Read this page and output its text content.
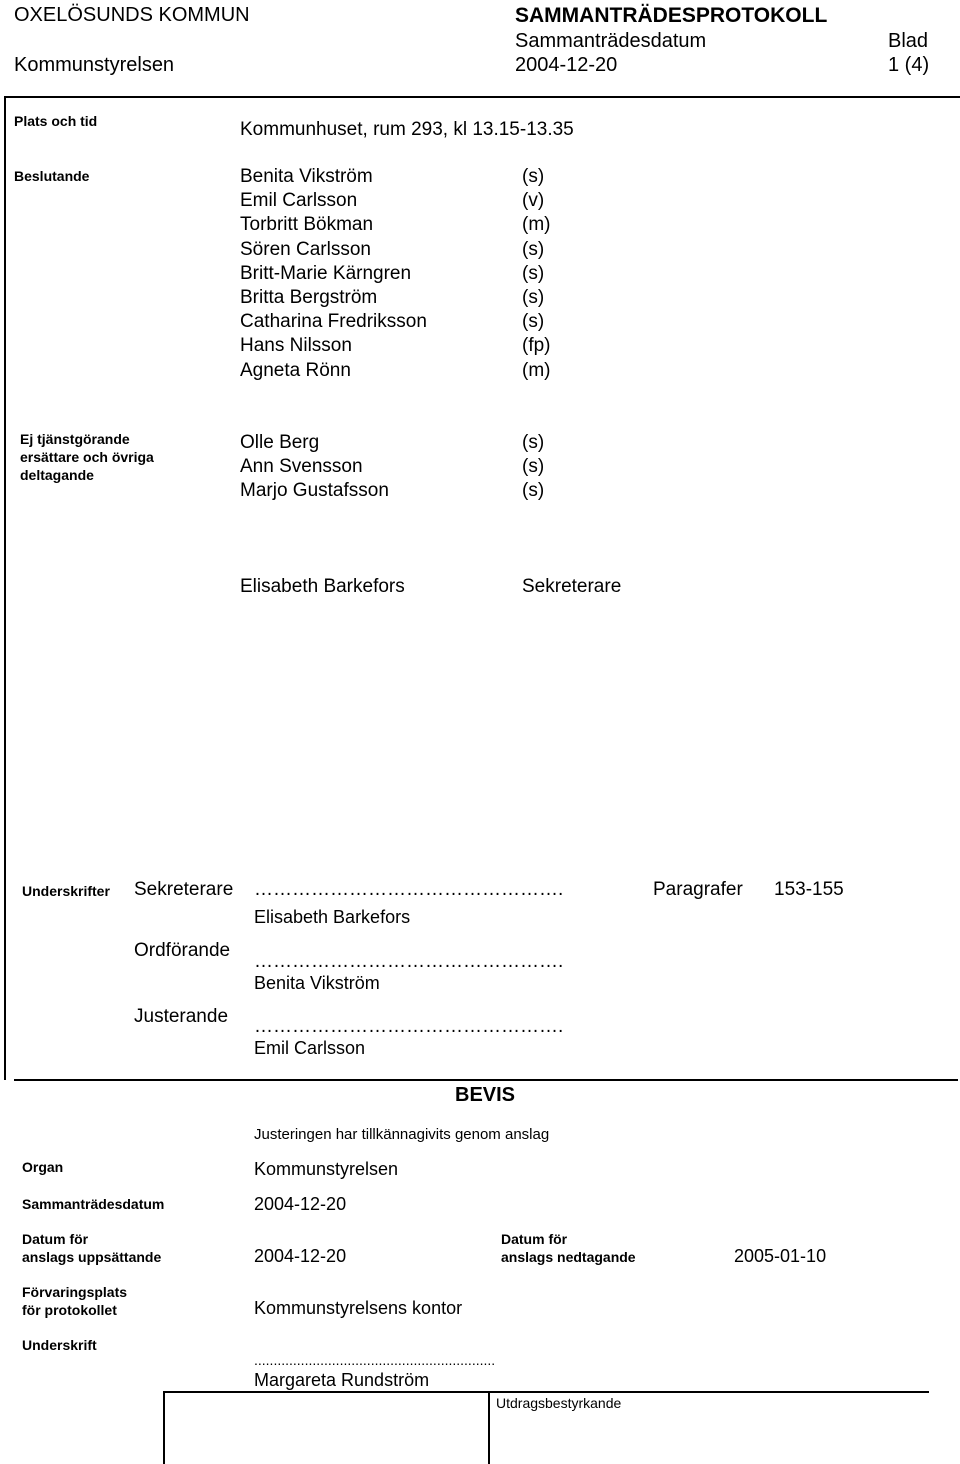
OXELÖSUNDS KOMMUN	SAMMANTRÄDESPROTOKOLL
Sammanträdesdatum	Blad
Kommunstyrelsen	2004-12-20	1 (4)
Plats och tid	Kommunhuset, rum 293, kl 13.15-13.35
Beslutande	Benita Vikström	(s)
Emil Carlsson	(v)
Torbritt Bökman	(m)
Sören Carlsson	(s)
Britt-Marie Kärngren	(s)
Britta Bergström	(s)
Catharina Fredriksson	(s)
Hans Nilsson	(fp)
Agneta Rönn	(m)
Ej tjänstgörande
ersättare och övriga
deltagande
Olle Berg	(s)
Ann Svensson	(s)
Marjo Gustafsson	(s)
Elisabeth Barkefors	Sekreterare
Underskrifter Sekreterare ………………………………………….	Paragrafer 153-155
Elisabeth Barkefors
Ordförande
………………………………………….
Benita Vikström
Justerande ………………………………………….
Emil Carlsson
BEVIS
Justeringen har tillkännagivits genom anslag
Organ	Kommunstyrelsen
Sammanträdesdatum	2004-12-20
Datum för
anslags uppsättande	2004-12-20
Datum för
anslags nedtagande	2005-01-10
Förvaringsplats
för protokollet	Kommunstyrelsens kontor
Underskrift
..............................................................
Margareta Rundström
Utdragsbestyrkande
